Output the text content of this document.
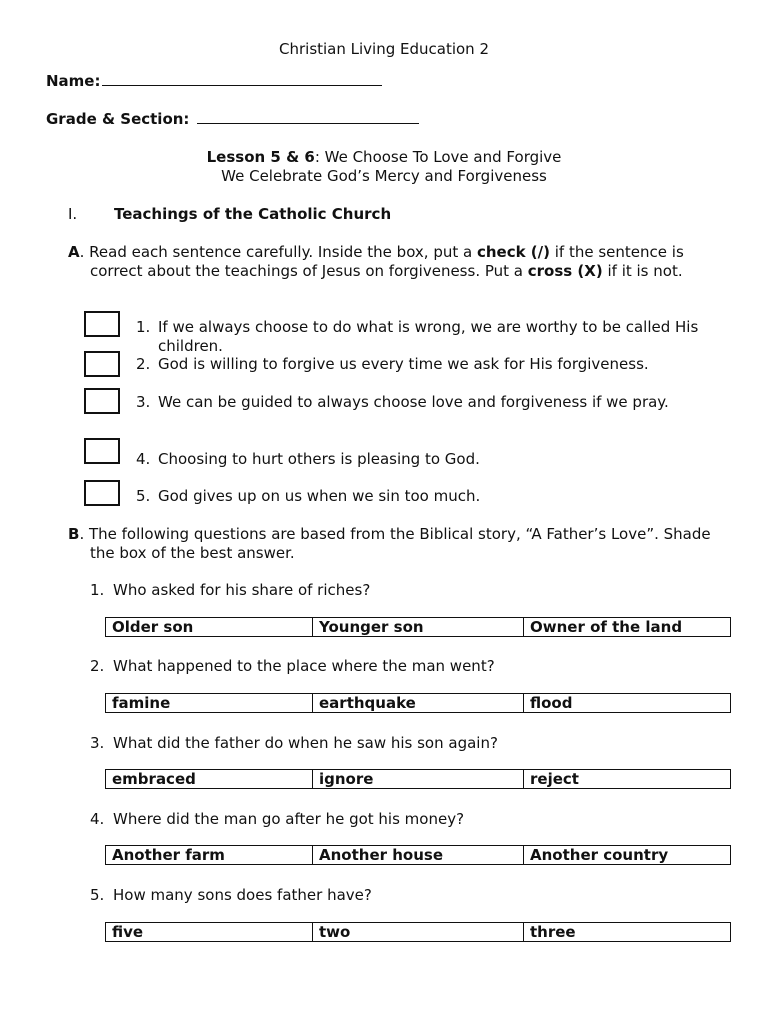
Christian Living Education 2
Name:
Grade & Section:
Lesson 5 & 6: We Choose To Love and Forgive
We Celebrate God’s Mercy and Forgiveness
I. Teachings of the Catholic Church
A. Read each sentence carefully. Inside the box, put a check (/) if the sentence is correct about the teachings of Jesus on forgiveness. Put a cross (X) if it is not.
1. If we always choose to do what is wrong, we are worthy to be called His children.
2. God is willing to forgive us every time we ask for His forgiveness.
3. We can be guided to always choose love and forgiveness if we pray.
4. Choosing to hurt others is pleasing to God.
5. God gives up on us when we sin too much.
B. The following questions are based from the Biblical story, “A Father’s Love”. Shade the box of the best answer.
1. Who asked for his share of riches?
Older son	Younger son	Owner of the land
2. What happened to the place where the man went?
famine	earthquake	flood
3. What did the father do when he saw his son again?
embraced	ignore	reject
4. Where did the man go after he got his money?
Another farm	Another house	Another country
5. How many sons does father have?
five	two	three
